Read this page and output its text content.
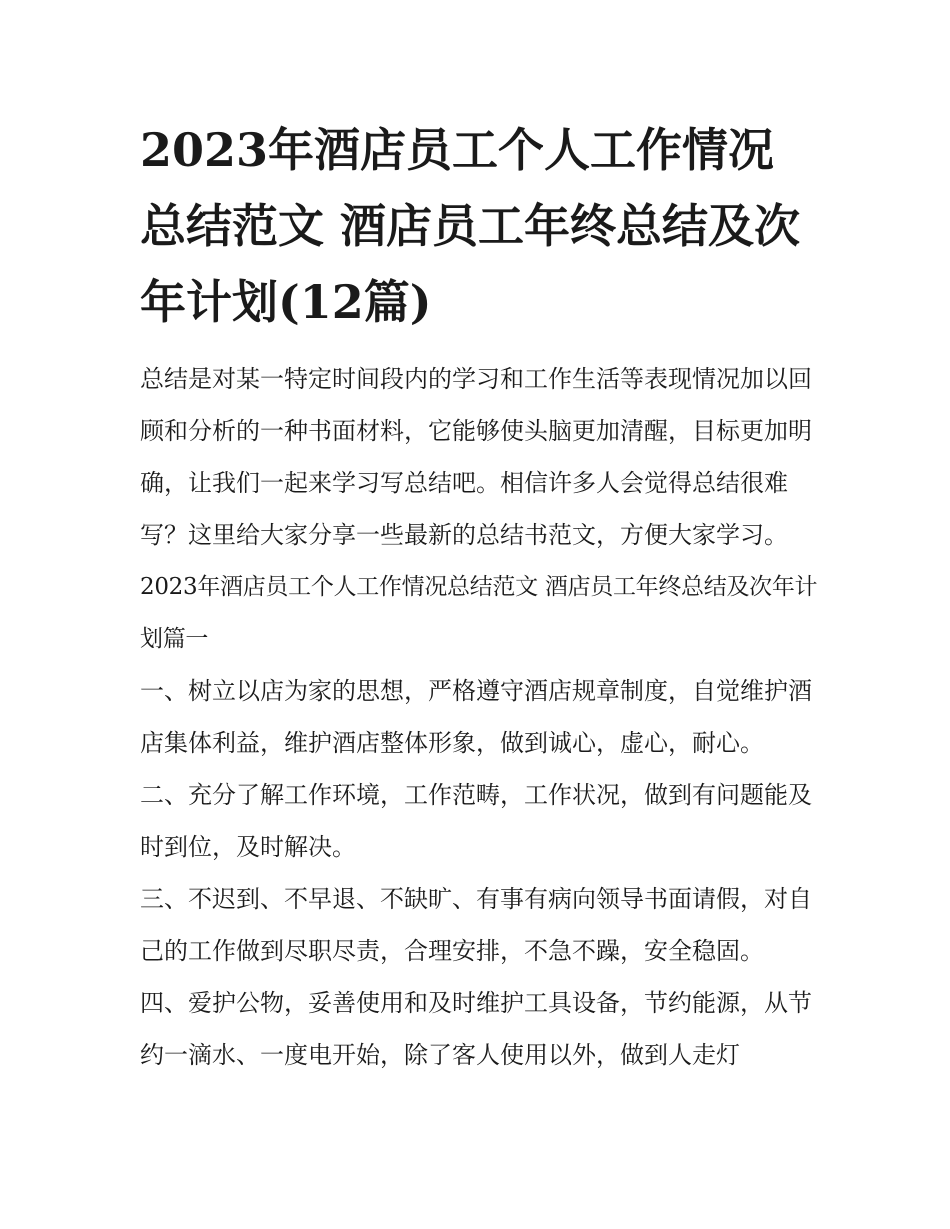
2023年酒店员工个人工作情况总结范文 酒店员工年终总结及次年计划(12篇)

总结是对某一特定时间段内的学习和工作生活等表现情况加以回顾和分析的一种书面材料，它能够使头脑更加清醒，目标更加明确，让我们一起来学习写总结吧。相信许多人会觉得总结很难写？这里给大家分享一些最新的总结书范文，方便大家学习。

2023年酒店员工个人工作情况总结范文 酒店员工年终总结及次年计划篇一

一、树立以店为家的思想，严格遵守酒店规章制度，自觉维护酒店集体利益，维护酒店整体形象，做到诚心，虚心，耐心。

二、充分了解工作环境，工作范畴，工作状况，做到有问题能及时到位，及时解决。

三、不迟到、不早退、不缺旷、有事有病向领导书面请假，对自己的工作做到尽职尽责，合理安排，不急不躁，安全稳固。

四、爱护公物，妥善使用和及时维护工具设备，节约能源，从节约一滴水、一度电开始，除了客人使用以外，做到人走灯
